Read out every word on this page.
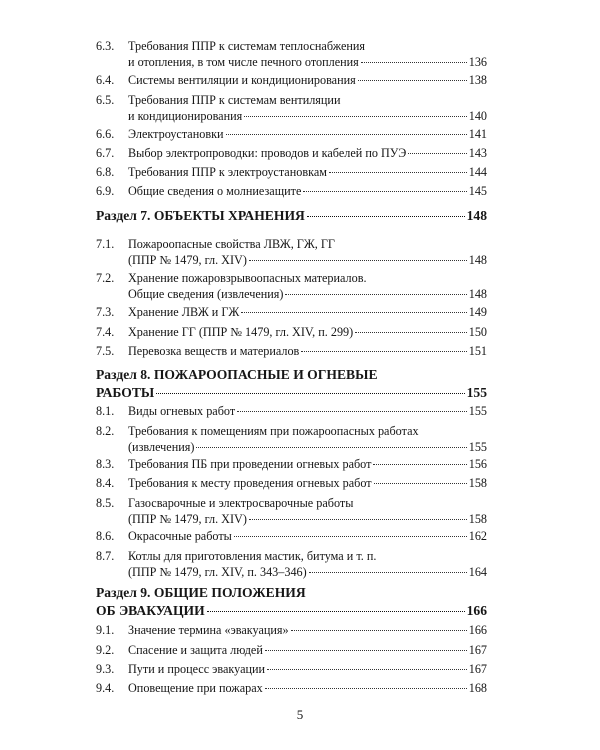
6.3.	Требования ППР к системам теплоснабжения
и отопления, в том числе печного отопления	136
6.4.	Системы вентиляции и кондиционирования	138
6.5.	Требования ППР к системам вентиляции
и кондиционирования	140
6.6.	Электроустановки	141
6.7.	Выбор электропроводки: проводов и кабелей по ПУЭ	143
6.8.	Требования ППР к электроустановкам	144
6.9.	Общие сведения о молниезащите	145
Раздел 7. ОБЪЕКТЫ ХРАНЕНИЯ	148
7.1.	Пожароопасные свойства ЛВЖ, ГЖ, ГГ
(ППР № 1479, гл. XIV)	148
7.2.	Хранение пожаровзрывоопасных материалов.
Общие сведения (извлечения)	148
7.3.	Хранение ЛВЖ и ГЖ	149
7.4.	Хранение ГГ (ППР № 1479, гл. XIV, п. 299)	150
7.5.	Перевозка веществ и материалов	151
Раздел 8. ПОЖАРООПАСНЫЕ И ОГНЕВЫЕ
РАБОТЫ	155
8.1.	Виды огневых работ	155
8.2.	Требования к помещениям при пожароопасных работах
(извлечения)	155
8.3.	Требования ПБ при проведении огневых работ	156
8.4.	Требования к месту проведения огневых работ	158
8.5.	Газосварочные и электросварочные работы
(ППР № 1479, гл. XIV)	158
8.6.	Окрасочные работы	162
8.7.	Котлы для приготовления мастик, битума и т. п.
(ППР № 1479, гл. XIV, п. 343–346)	164
Раздел 9. ОБЩИЕ ПОЛОЖЕНИЯ
ОБ ЭВАКУАЦИИ	166
9.1.	Значение термина «эвакуация»	166
9.2.	Спасение и защита людей	167
9.3.	Пути и процесс эвакуации	167
9.4.	Оповещение при пожарах	168
5
